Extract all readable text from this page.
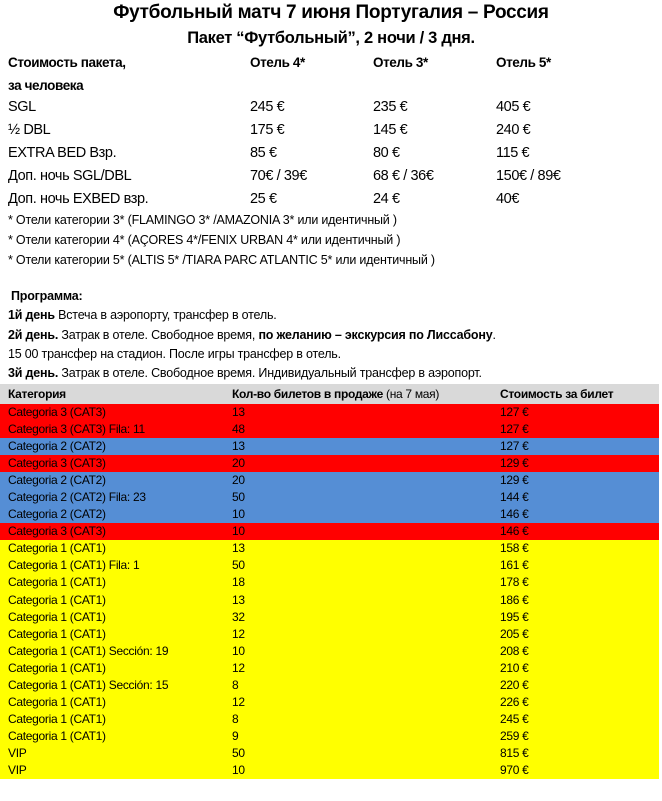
Футбольный матч 7 июня Португалия – Россия
Пакет “Футбольный”, 2 ночи / 3 дня.
Стоимость пакета,	Отель 4*	Отель 3*	Отель 5*
за человека
SGL	245 €	235 €	405 €
½ DBL	175 €	145 €	240 €
EXTRA BED Взр.	85 €	80 €	115 €
Доп. ночь SGL/DBL	70€ / 39€	68 € / 36€	150€ / 89€
Доп. ночь EXBED взр.	25 €	24 €	40€
* Отели категории 3* (FLAMINGO 3* /AMAZONIA 3* или идентичный )
* Отели категории 4* (AÇORES 4*/FENIX URBAN 4* или идентичный )
* Отели категории 5* (ALTIS 5* /TIARA PARC ATLANTIC 5* или идентичный )
Программа:
1й день Встеча в аэропорту, трансфер в отель.
2й день. Затрак в отеле. Свободное время, по желанию – экскурсия по Лиссабону.
15 00 трансфер на стадион. После игры трансфер в отель.
3й день. Затрак в отеле. Свободное время. Индивидуальный трансфер в аэропорт.
Категория	Кол-во билетов в продаже (на 7 мая)	Стоимость за билет
Categoria 3 (CAT3)	13	127 €
Categoria 3 (CAT3) Fila: 11	48	127 €
Categoria 2 (CAT2)	13	127 €
Categoria 3 (CAT3)	20	129 €
Categoria 2 (CAT2)	20	129 €
Categoria 2 (CAT2) Fila: 23	50	144 €
Categoria 2 (CAT2)	10	146 €
Categoria 3 (CAT3)	10	146 €
Categoria 1 (CAT1)	13	158 €
Categoria 1 (CAT1) Fila: 1	50	161 €
Categoria 1 (CAT1)	18	178 €
Categoria 1 (CAT1)	13	186 €
Categoria 1 (CAT1)	32	195 €
Categoria 1 (CAT1)	12	205 €
Categoria 1 (CAT1) Sección: 19	10	208 €
Categoria 1 (CAT1)	12	210 €
Categoria 1 (CAT1) Sección: 15	8	220 €
Categoria 1 (CAT1)	12	226 €
Categoria 1 (CAT1)	8	245 €
Categoria 1 (CAT1)	9	259 €
VIP	50	815 €
VIP	10	970 €
